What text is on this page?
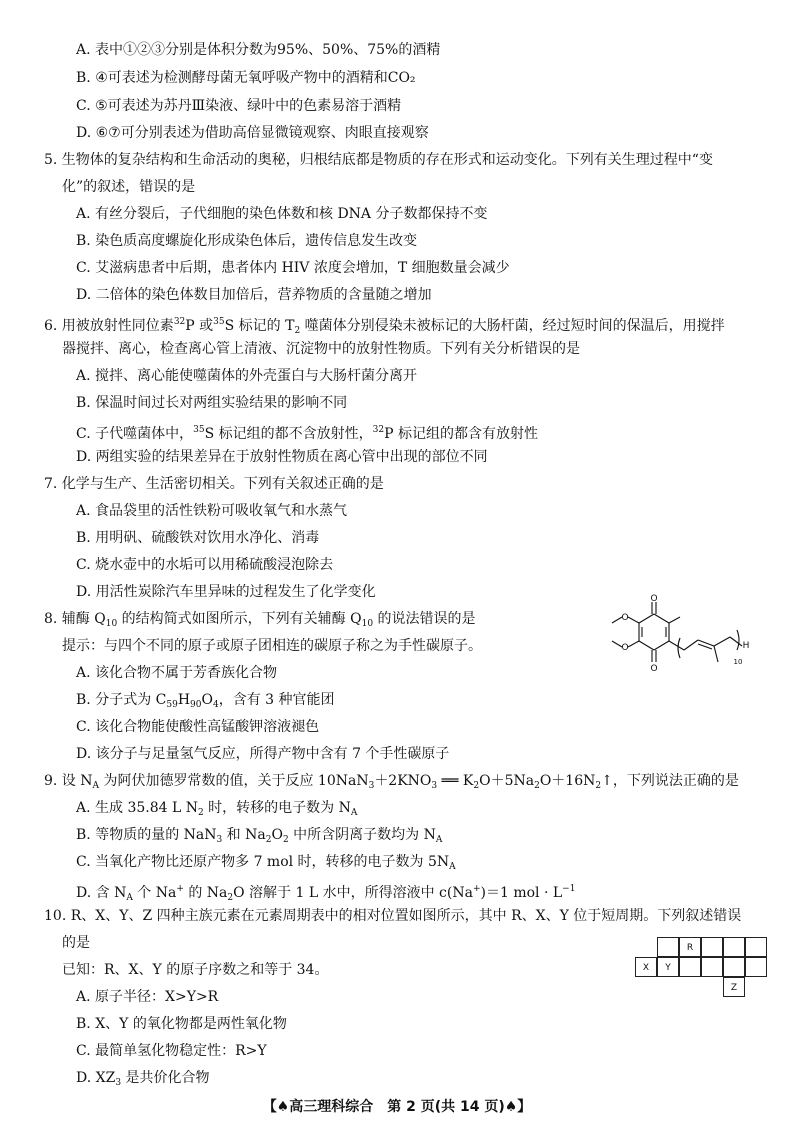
A. 表中①②③分别是体积分数为95%、50%、75%的酒精
B. ④可表述为检测酵母菌无氧呼吸产物中的酒精和CO₂
C. ⑤可表述为苏丹Ⅲ染液、绿叶中的色素易溶于酒精
D. ⑥⑦可分别表述为借助高倍显微镜观察、肉眼直接观察
5. 生物体的复杂结构和生命活动的奥秘，归根结底都是物质的存在形式和运动变化。下列有关生理过程中“变
化”的叙述，错误的是
A. 有丝分裂后，子代细胞的染色体数和核 DNA 分子数都保持不变
B. 染色质高度螺旋化形成染色体后，遗传信息发生改变
C. 艾滋病患者中后期，患者体内 HIV 浓度会增加，T 细胞数量会减少
D. 二倍体的染色体数目加倍后，营养物质的含量随之增加
6. 用被放射性同位素$^{32}$P 或$^{35}$S 标记的 $T_2$ 噬菌体分别侵染未被标记的大肠杆菌，经过短时间的保温后，用搅拌
器搅拌、离心，检查离心管上清液、沉淀物中的放射性物质。下列有关分析错误的是
A. 搅拌、离心能使噬菌体的外壳蛋白与大肠杆菌分离开
B. 保温时间过长对两组实验结果的影响不同
C. 子代噬菌体中，$^{35}$S 标记组的都不含放射性，$^{32}$P 标记组的都含有放射性
D. 两组实验的结果差异在于放射性物质在离心管中出现的部位不同
7. 化学与生产、生活密切相关。下列有关叙述正确的是
A. 食品袋里的活性铁粉可吸收氧气和水蒸气
B. 用明矾、硫酸铁对饮用水净化、消毒
C. 烧水壶中的水垢可以用稀硫酸浸泡除去
D. 用活性炭除汽车里异味的过程发生了化学变化
8. 辅酶 $Q_{10}$ 的结构简式如图所示，下列有关辅酶 $Q_{10}$ 的说法错误的是
提示：与四个不同的原子或原子团相连的碳原子称之为手性碳原子。
A. 该化合物不属于芳香族化合物
B. 分子式为 $C_{59}H_{90}O_4$，含有 3 种官能团
C. 该化合物能使酸性高锰酸钾溶液褪色
D. 该分子与足量氢气反应，所得产物中含有 7 个手性碳原子
O
O
O
O	H
10
9. 设 $N_A$ 为阿伏加德罗常数的值，关于反应 $10NaN_3+2KNO_3$ ══ $K_2O+5Na_2O+16N_2↑$，下列说法正确的是
A. 生成 35.84 L $N_2$ 时，转移的电子数为 $N_A$
B. 等物质的量的 NaN$_3$ 和 $Na_2O_2$ 中所含阴离子数均为 $N_A$
C. 当氧化产物比还原产物多 7 mol 时，转移的电子数为 $5N_A$
D. 含 $N_A$ 个 Na+ 的 $Na_2O$ 溶解于 1 L 水中，所得溶液中 c(Na+)＝1 mol · $L^{-1}$
10. R、X、Y、Z 四种主族元素在元素周期表中的相对位置如图所示，其中 R、X、Y 位于短周期。下列叙述错误
的是
已知：R、X、Y 的原子序数之和等于 34。
A. 原子半径：X>Y>R
B. X、Y 的氧化物都是两性氧化物
C. 最简单氢化物稳定性：R>Y
D. $XZ_3$ 是共价化合物
R
X	Y
Z
【♠高三理科综合　第 2 页(共 14 页)♠】
